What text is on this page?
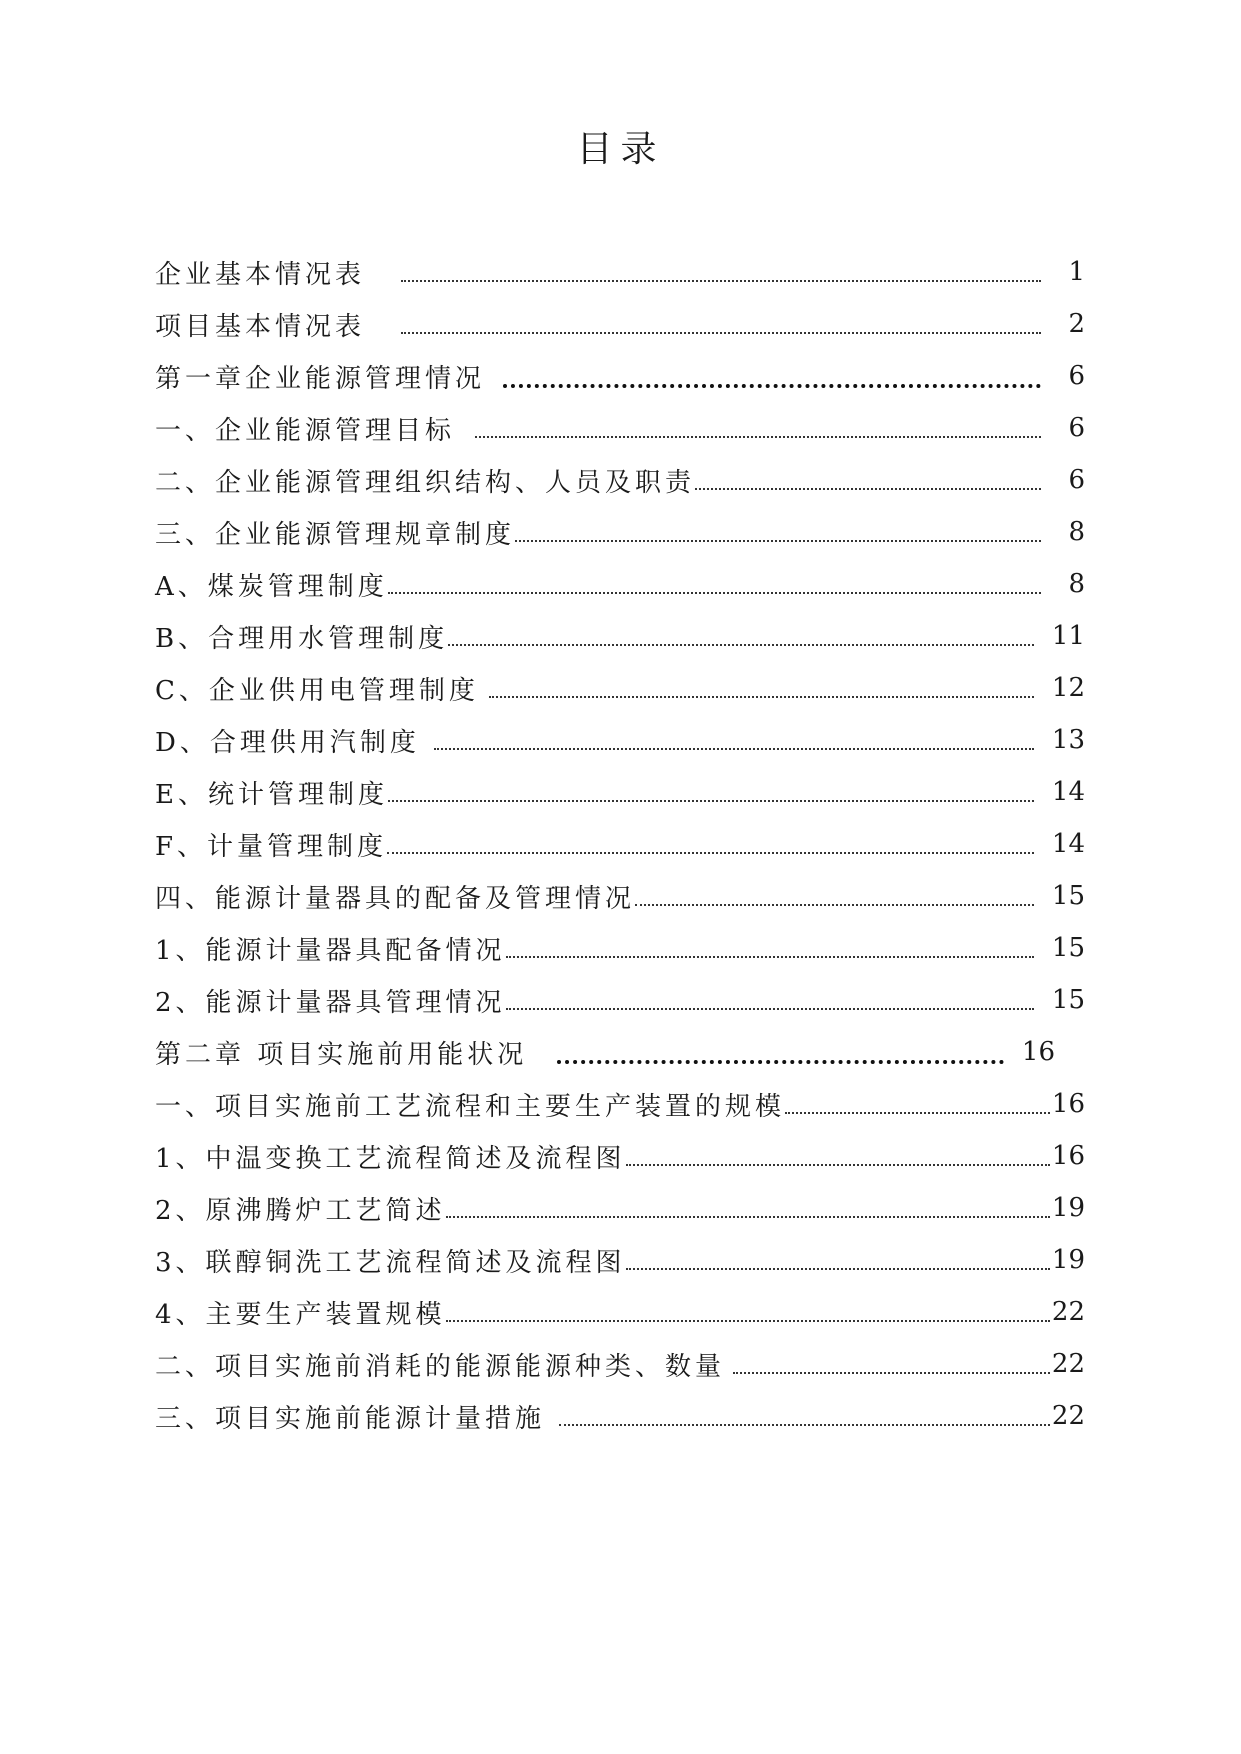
目录
企业基本情况表	1
项目基本情况表	2
第一章企业能源管理情况	6
一、企业能源管理目标	6
二、企业能源管理组织结构、人员及职责	6
三、企业能源管理规章制度	8
A、煤炭管理制度	8
B、合理用水管理制度	11
C、企业供用电管理制度	12
D、合理供用汽制度	13
E、统计管理制度	14
F、计量管理制度	14
四、能源计量器具的配备及管理情况	15
1、能源计量器具配备情况	15
2、能源计量器具管理情况	15
第二章 项目实施前用能状况	16
一、项目实施前工艺流程和主要生产装置的规模	16
1、中温变换工艺流程简述及流程图	16
2、原沸腾炉工艺简述	19
3、联醇铜洗工艺流程简述及流程图	19
4、主要生产装置规模	22
二、项目实施前消耗的能源能源种类、数量	22
三、项目实施前能源计量措施	22
